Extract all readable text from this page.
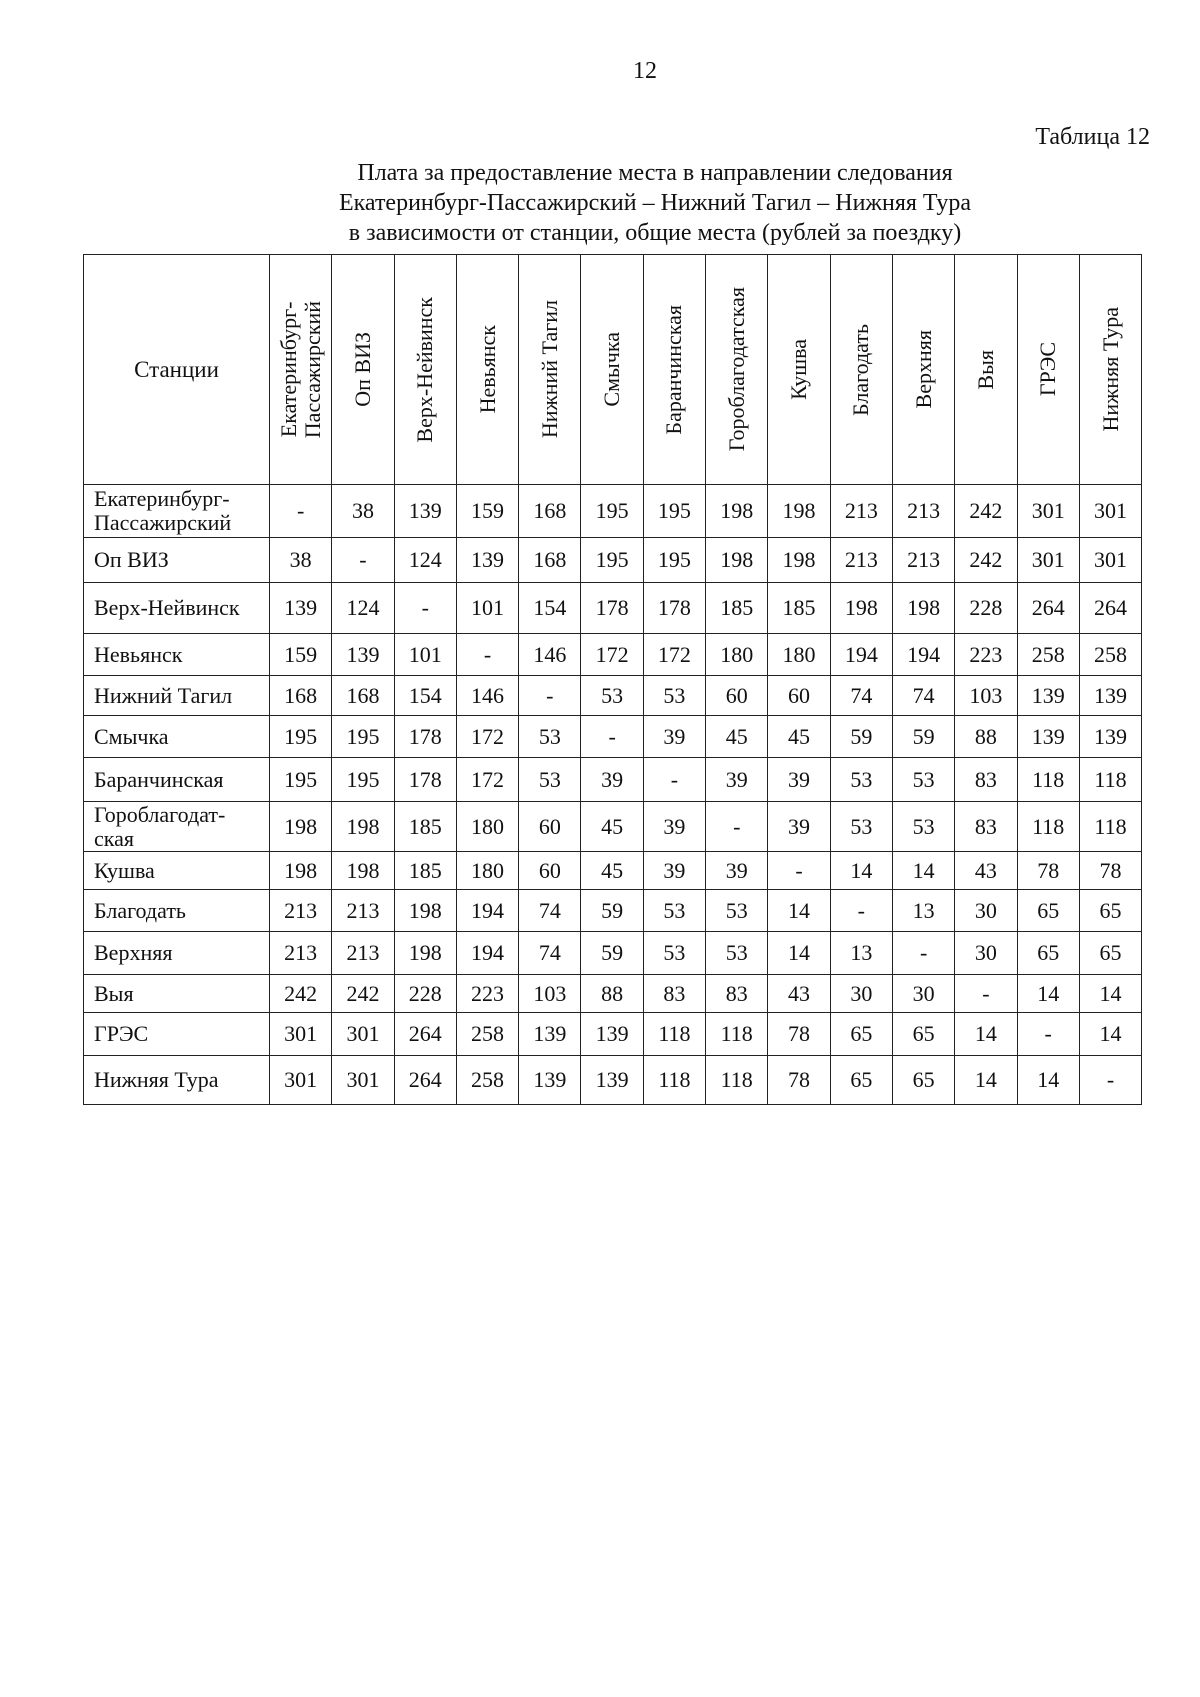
12
Таблица 12
Плата за предоставление места в направлении следования
Екатеринбург-Пассажирский – Нижний Тагил – Нижняя Тура
в зависимости от станции, общие места (рублей за поездку)
Станции	Екатеринбург- Пассажирский	Оп ВИЗ	Верх-Нейвинск	Невьянск	Нижний Тагил	Смычка	Баранчинская	Гороблагодатская	Кушва	Благодать	Верхняя	Выя	ГРЭС	Нижняя Тура

Екатеринбург-
Пассажирский	-	38	139	159	168	195	195	198	198	213	213	242	301	301

Оп ВИЗ	38	-	124	139	168	195	195	198	198	213	213	242	301	301

Верх-Нейвинск	139	124	-	101	154	178	178	185	185	198	198	228	264	264

Невьянск	159	139	101	-	146	172	172	180	180	194	194	223	258	258

Нижний Тагил	168	168	154	146	-	53	53	60	60	74	74	103	139	139

Смычка	195	195	178	172	53	-	39	45	45	59	59	88	139	139

Баранчинская	195	195	178	172	53	39	-	39	39	53	53	83	118	118

Гороблагодат-
ская	198	198	185	180	60	45	39	-	39	53	53	83	118	118

Кушва	198	198	185	180	60	45	39	39	-	14	14	43	78	78

Благодать	213	213	198	194	74	59	53	53	14	-	13	30	65	65

Верхняя	213	213	198	194	74	59	53	53	14	13	-	30	65	65

Выя	242	242	228	223	103	88	83	83	43	30	30	-	14	14

ГРЭС	301	301	264	258	139	139	118	118	78	65	65	14	-	14

Нижняя Тура	301	301	264	258	139	139	118	118	78	65	65	14	14	-
